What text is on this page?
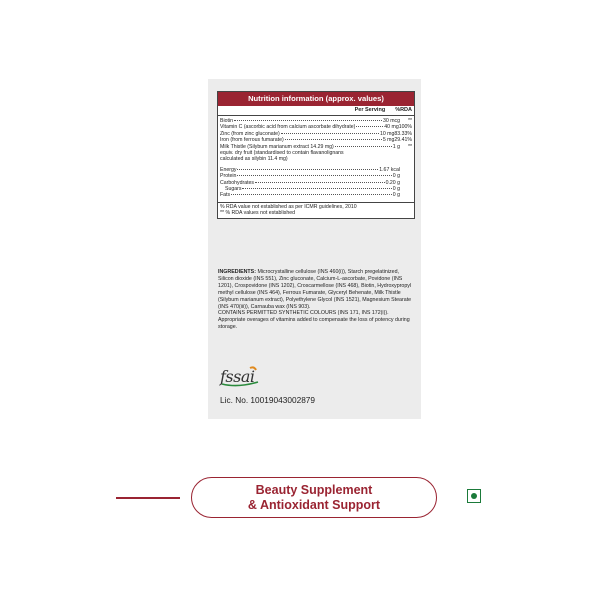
Nutrition information (approx. values)
Per Serving %RDA
Biotin	30 mcg	**
Vitamin C (ascorbic acid from calcium ascorbate dihydrate)	40 mg 100%
Zinc (from zinc gluconate)	10 mg 83.33%
Iron (from ferrous fumarate)	5 mg 29.41%
Milk Thistle (Silybum marianum extract 14.29 mg)	1 g	**
equiv. dry fruit (standardised to contain flavanolignans
calculated as silybin 11.4 mg)
Energy	1.67 kcal
Protein	0 g
Carbohydrates	0.20 g
Sugars	0 g
Fats	0 g
% RDA value not established as per ICMR guidelines, 2010
** % RDA values not established
INGREDIENTS: Microcrystalline cellulose (INS 460(i)), Starch pregelatinized, Silicon dioxide (INS 551), Zinc gluconate, Calcium-L-ascorbate, Povidone (INS 1201), Crospovidone (INS 1202), Croscarmellose (INS 468), Biotin, Hydroxypropyl methyl cellulose (INS 464), Ferrous Fumarate, Glyceryl Behenate, Milk Thistle (Silybum marianum extract), Polyethylene Glycol (INS 1521), Magnesium Stearate (INS 470(iii)), Carnauba wax (INS 903).
CONTAINS PERMITTED SYNTHETIC COLOURS (INS 171, INS 172(i)).
Appropriate overages of vitamins added to compensate the loss of potency during storage.
fssai
Lic. No. 10019043002879
Beauty Supplement
& Antioxidant Support
